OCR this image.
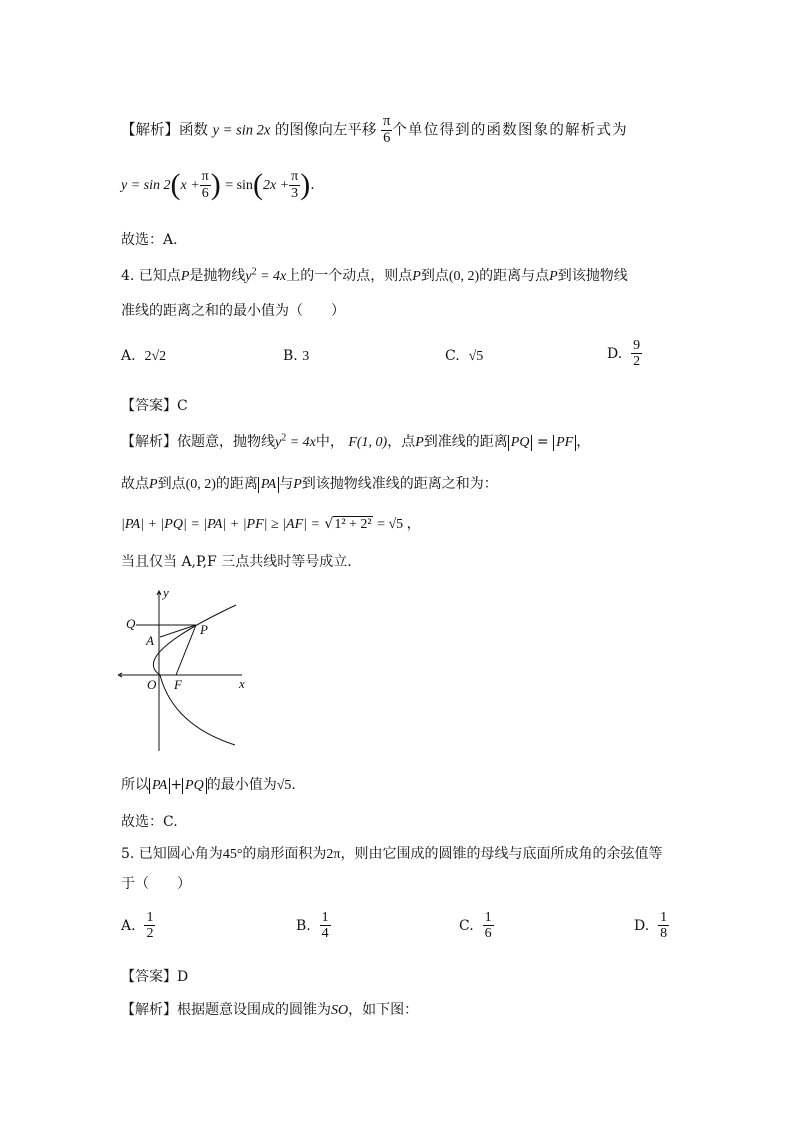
【解析】函数 y = sin 2x 的图像向左平移 $\frac{\pi}{6}$ 个单位得到的函数图象的解析式为
$y = \sin 2(x + \frac{\pi}{6}$ ) = $\sin(2x + \frac{\pi}{3}$ ).
故选：A.
4. 已知点P是抛物线$y^2 = 4x$上的一个动点，则点P到点(0, 2)的距离与点P到该抛物线
准线的距离之和的最小值为（　　）
A. 2√2	B. 3	C. √5	D. $\frac{9}{2}$
【答案】C
【解析】依题意，抛物线$y^2 = 4x$中， F(1, 0)，点P到准线的距离 PQ = PF ，
故点P到点(0, 2)的距离 PA 与P到该抛物线准线的距离之和为：
|PA| + |PQ| = |PA| + |PF| ≥ |AF| = √1² + 2² = √5 ，
当且仅当 A,P,F 三点共线时等号成立.
y
x
Q	P
A
O F
所以 PA + PQ 的最小值为√5.
故选：C.
5. 已知圆心角为45°的扇形面积为2π，则由它围成的圆锥的母线与底面所成角的余弦值等
于（　　）
A. $\frac{1}{2}$	B. $\frac{1}{4}$	C. $\frac{1}{6}$	D. $\frac{1}{8}$
【答案】D
【解析】根据题意设围成的圆锥为SO，如下图：
